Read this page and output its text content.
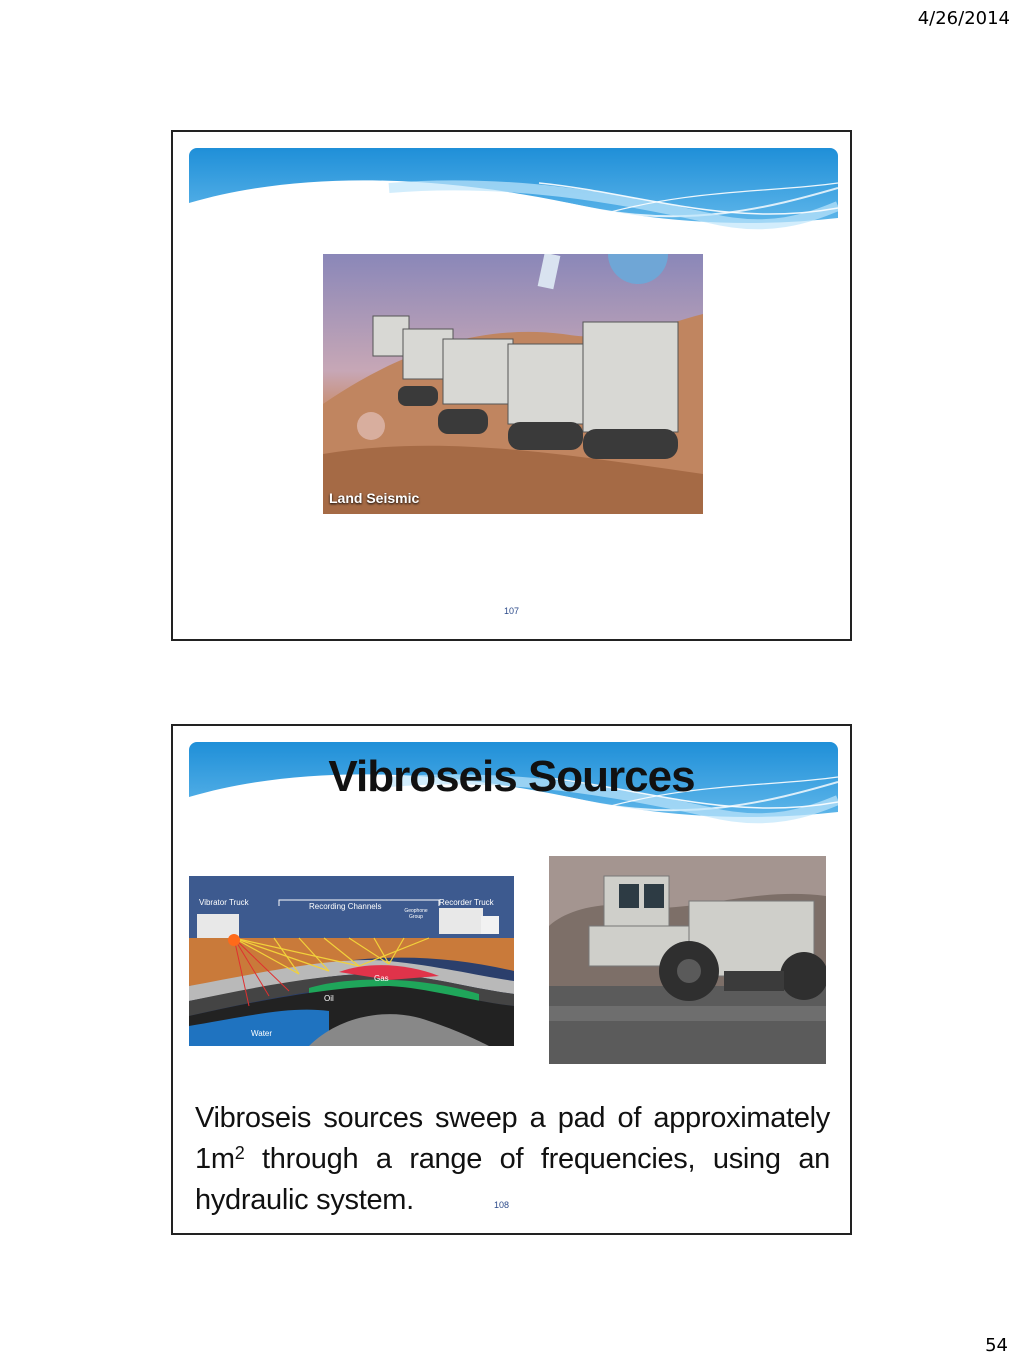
4/26/2014
Land Seismic
107
Vibroseis Sources
Vibrator Truck	Recording Channels	Geophone Group
Recorder Truck
Gas
Oil
Water
Vibroseis sources sweep a pad of approximately $1m^2$ through a range of frequencies, using an hydraulic system.	108
54
